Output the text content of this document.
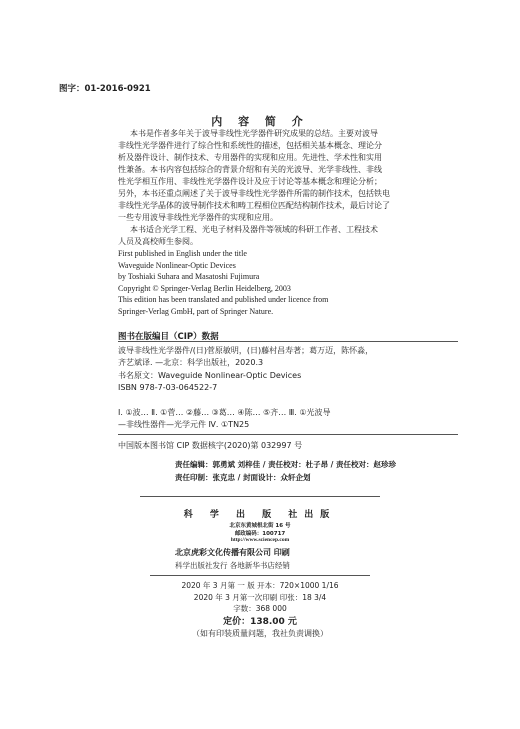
图字：01-2016-0921
内 容 简 介
本书是作者多年关于波导非线性光学器件研究成果的总结。主要对波导
非线性光学器件进行了综合性和系统性的描述，包括相关基本概念、理论分
析及器件设计、制作技术、专用器件的实现和应用。先进性、学术性和实用
性兼备。本书内容包括综合的背景介绍和有关的光波导、光学非线性、非线
性光学相互作用、非线性光学器件设计及应于讨论等基本概念和理论分析；
另外，本书还重点阐述了关于波导非线性光学器件所需的制作技术，包括铁电
非线性光学晶体的波导制作技术和畴工程相位匹配结构制作技术，最后讨论了
一些专用波导非线性光学器件的实现和应用。
本书适合光学工程、光电子材料及器件等领域的科研工作者、工程技术
人员及高校师生参阅。
First published in English under the title
Waveguide Nonlinear-Optic Devices
by Toshiaki Suhara and Masatoshi Fujimura
Copyright © Springer-Verlag Berlin Heidelberg, 2003
This edition has been translated and published under licence from
Springer-Verlag GmbH, part of Springer Nature.
图书在版编目（CIP）数据
波导非线性光学器件/(日)菅原敏明，(日)藤村昌寿著；葛万迈，陈怀淼，
齐艺斌译. —北京：科学出版社，2020.3
书名原文：Waveguide Nonlinear-Optic Devices
ISBN 978-7-03-064522-7
Ⅰ. ①波… Ⅱ. ①菅… ②藤… ③葛… ④陈… ⑤齐… Ⅲ. ①光波导
—非线性器件—光学元件 Ⅳ. ①TN25
中国版本图书馆 CIP 数据核字(2020)第 032997 号
责任编辑：郭勇斌 刘梓佳 / 责任校对：杜子昂 / 责任校对：赵珍珍
责任印制：张克忠 / 封面设计：众轩企划
科 学 出 版 社出版
北京东黄城根北街 16 号
邮政编码：100717
http://www.sciencep.com
北京虎彩文化传播有限公司 印刷
科学出版社发行 各地新华书店经销
2020 年 3 月第 一 版 开本：720×1000 1/16
2020 年 3 月第一次印刷 印张：18 3/4
字数：368 000
定价：138.00 元
（如有印装质量问题，我社负责调换）
